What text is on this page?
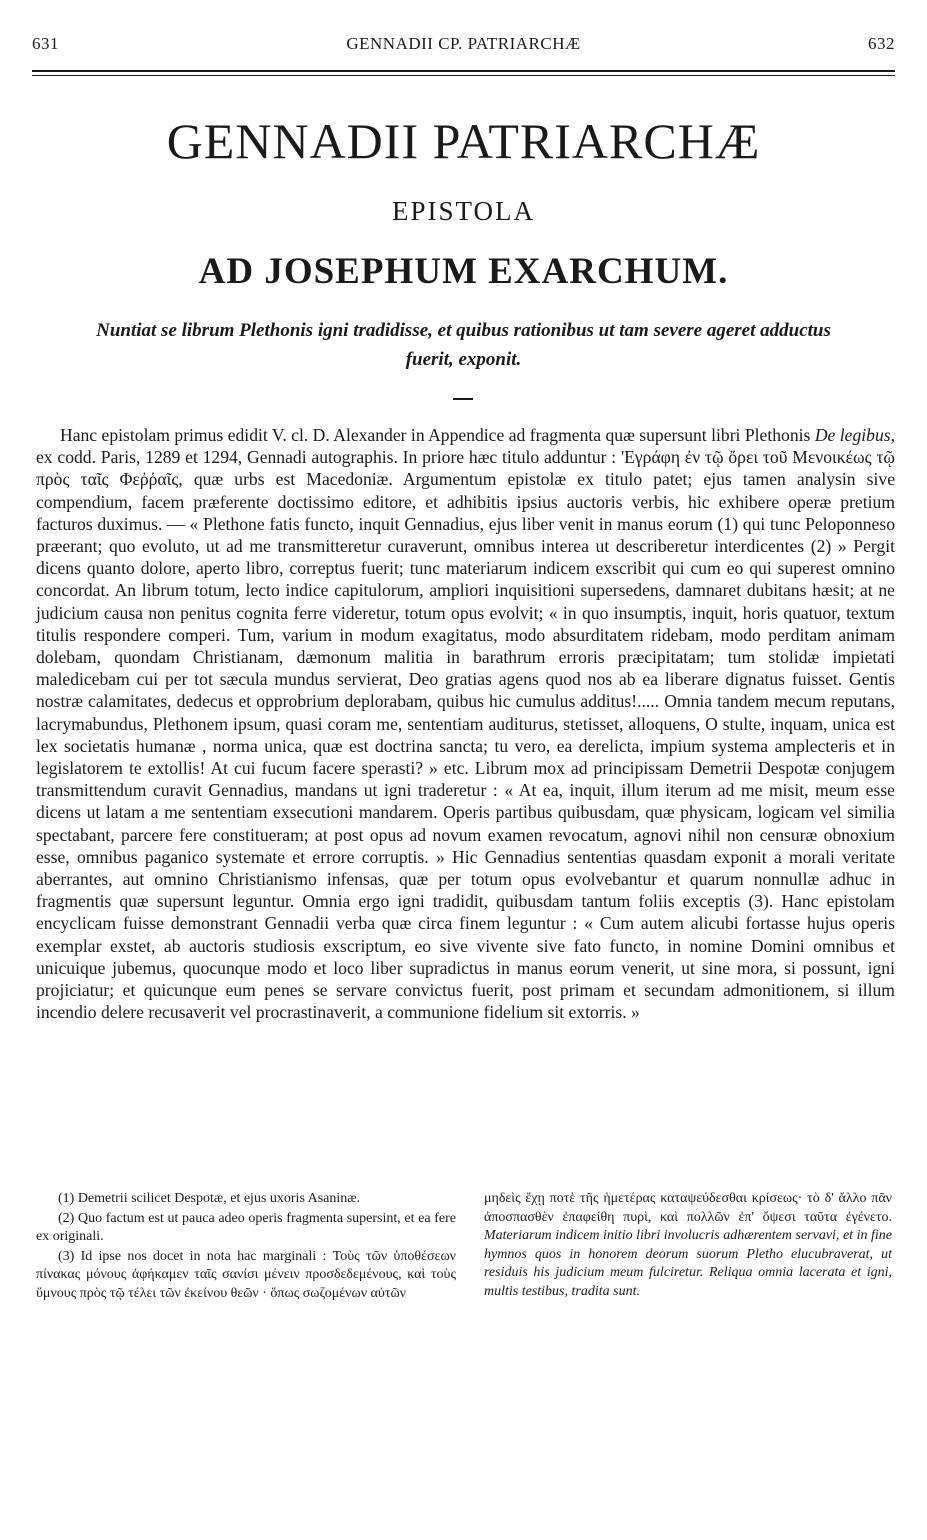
631	GENNADII CP. PATRIARCHÆ	632
GENNADII PATRIARCHÆ
EPISTOLA
AD JOSEPHUM EXARCHUM.
Nuntiat se librum Plethonis igni tradidisse, et quibus rationibus ut tam severe ageret adductus fuerit, exponit.

Hanc epistolam primus edidit V. cl. D. Alexander in Appendice ad fragmenta quæ supersunt libri Plethonis De legibus, ex codd. Paris, 1289 et 1294, Gennadi autographis. In priore hæc titulo adduntur : 'Εγράφη ἐν τῷ ὄρει τοῦ Μενοικέως τῷ πρὸς ταῖς Φεῤῥαῖς, quæ urbs est Macedoniæ. Argumentum epistolæ ex titulo patet; ejus tamen analysin sive compendium, facem præferente doctissimo editore, et adhibitis ipsius auctoris verbis, hic exhibere operæ pretium facturos duximus. — « Plethone fatis functo, inquit Gennadius, ejus liber venit in manus eorum (1) qui tunc Peloponneso præerant; quo evoluto, ut ad me transmitteretur curaverunt, omnibus interea ut describeretur interdicentes (2) » Pergit dicens quanto dolore, aperto libro, correptus fuerit; tunc materiarum indicem exscribit qui cum eo qui superest omnino concordat. An librum totum, lecto indice capitulorum, ampliori inquisitioni supersedens, damnaret dubitans hæsit; at ne judicium causa non penitus cognita ferre videretur, totum opus evolvit; « in quo insumptis, inquit, horis quatuor, textum titulis respondere comperi. Tum, varium in modum exagitatus, modo absurditatem ridebam, modo perditam animam dolebam, quondam Christianam, dæmonum malitia in barathrum erroris præcipitatam; tum stolidæ impietati maledicebam cui per tot sæcula mundus servierat, Deo gratias agens quod nos ab ea liberare dignatus fuisset. Gentis nostræ calamitates, dedecus et opprobrium deplorabam, quibus hic cumulus additus!..... Omnia tandem mecum reputans, lacrymabundus, Plethonem ipsum, quasi coram me, sententiam auditurus, stetisset, alloquens, O stulte, inquam, unica est lex societatis humanæ , norma unica, quæ est doctrina sancta; tu vero, ea derelicta, impium systema amplecteris et in legislatorem te extollis! At cui fucum facere sperasti? » etc. Librum mox ad principissam Demetrii Despotæ conjugem transmittendum curavit Gennadius, mandans ut igni traderetur : « At ea, inquit, illum iterum ad me misit, meum esse dicens ut latam a me sententiam exsecutioni mandarem. Operis partibus quibusdam, quæ physicam, logicam vel similia spectabant, parcere fere constitueram; at post opus ad novum examen revocatum, agnovi nihil non censuræ obnoxium esse, omnibus paganico systemate et errore corruptis. » Hic Gennadius sententias quasdam exponit a morali veritate aberrantes, aut omnino Christianismo infensas, quæ per totum opus evolvebantur et quarum nonnullæ adhuc in fragmentis quæ supersunt leguntur. Omnia ergo igni tradidit, quibusdam tantum foliis exceptis (3). Hanc epistolam encyclicam fuisse demonstrant Gennadii verba quæ circa finem leguntur : « Cum autem alicubi fortasse hujus operis exemplar exstet, ab auctoris studiosis exscriptum, eo sive vivente sive fato functo, in nomine Domini omnibus et unicuique jubemus, quocunque modo et loco liber supradictus in manus eorum venerit, ut sine mora, si possunt, igni projiciatur; et quicunque eum penes se servare convictus fuerit, post primam et secundam admonitionem, si illum incendio delere recusaverit vel procrastinaverit, a communione fidelium sit extorris. »

(1) Demetrii scilicet Despotæ, et ejus uxoris Asaninæ.

(2) Quo factum est ut pauca adeo operis fragmenta supersint, et ea fere ex originali.

(3) Id ipse nos docet in nota hac marginali : Τοὺς τῶν ὑποθέσεων πίνακας μόνους ἀφήκαμεν ταῖς σανίσι μένειν προσδεδεμένους, καὶ τοὺς ὕμνους πρὸς τῷ τέλει τῶν ἐκείνου θεῶν · ὅπως σωζομένων αὐτῶν

μηδεὶς ἔχῃ ποτὲ τῆς ἡμετέρας καταψεύδεσθαι κρίσεως· τὸ δ' ἄλλο πᾶν ἀποσπασθὲν ἐπαφείθη πυρὶ, καὶ πολλῶν ἐπ' ὄψεσι ταῦτα ἐγένετο. Materiarum indicem initio libri involucris adhærentem servavi, et in fine hymnos quos in honorem deorum suorum Pletho elucubraverat, ut residuis his judicium meum fulciretur. Reliqua omnia lacerata et igni, multis testibus, tradita sunt.
